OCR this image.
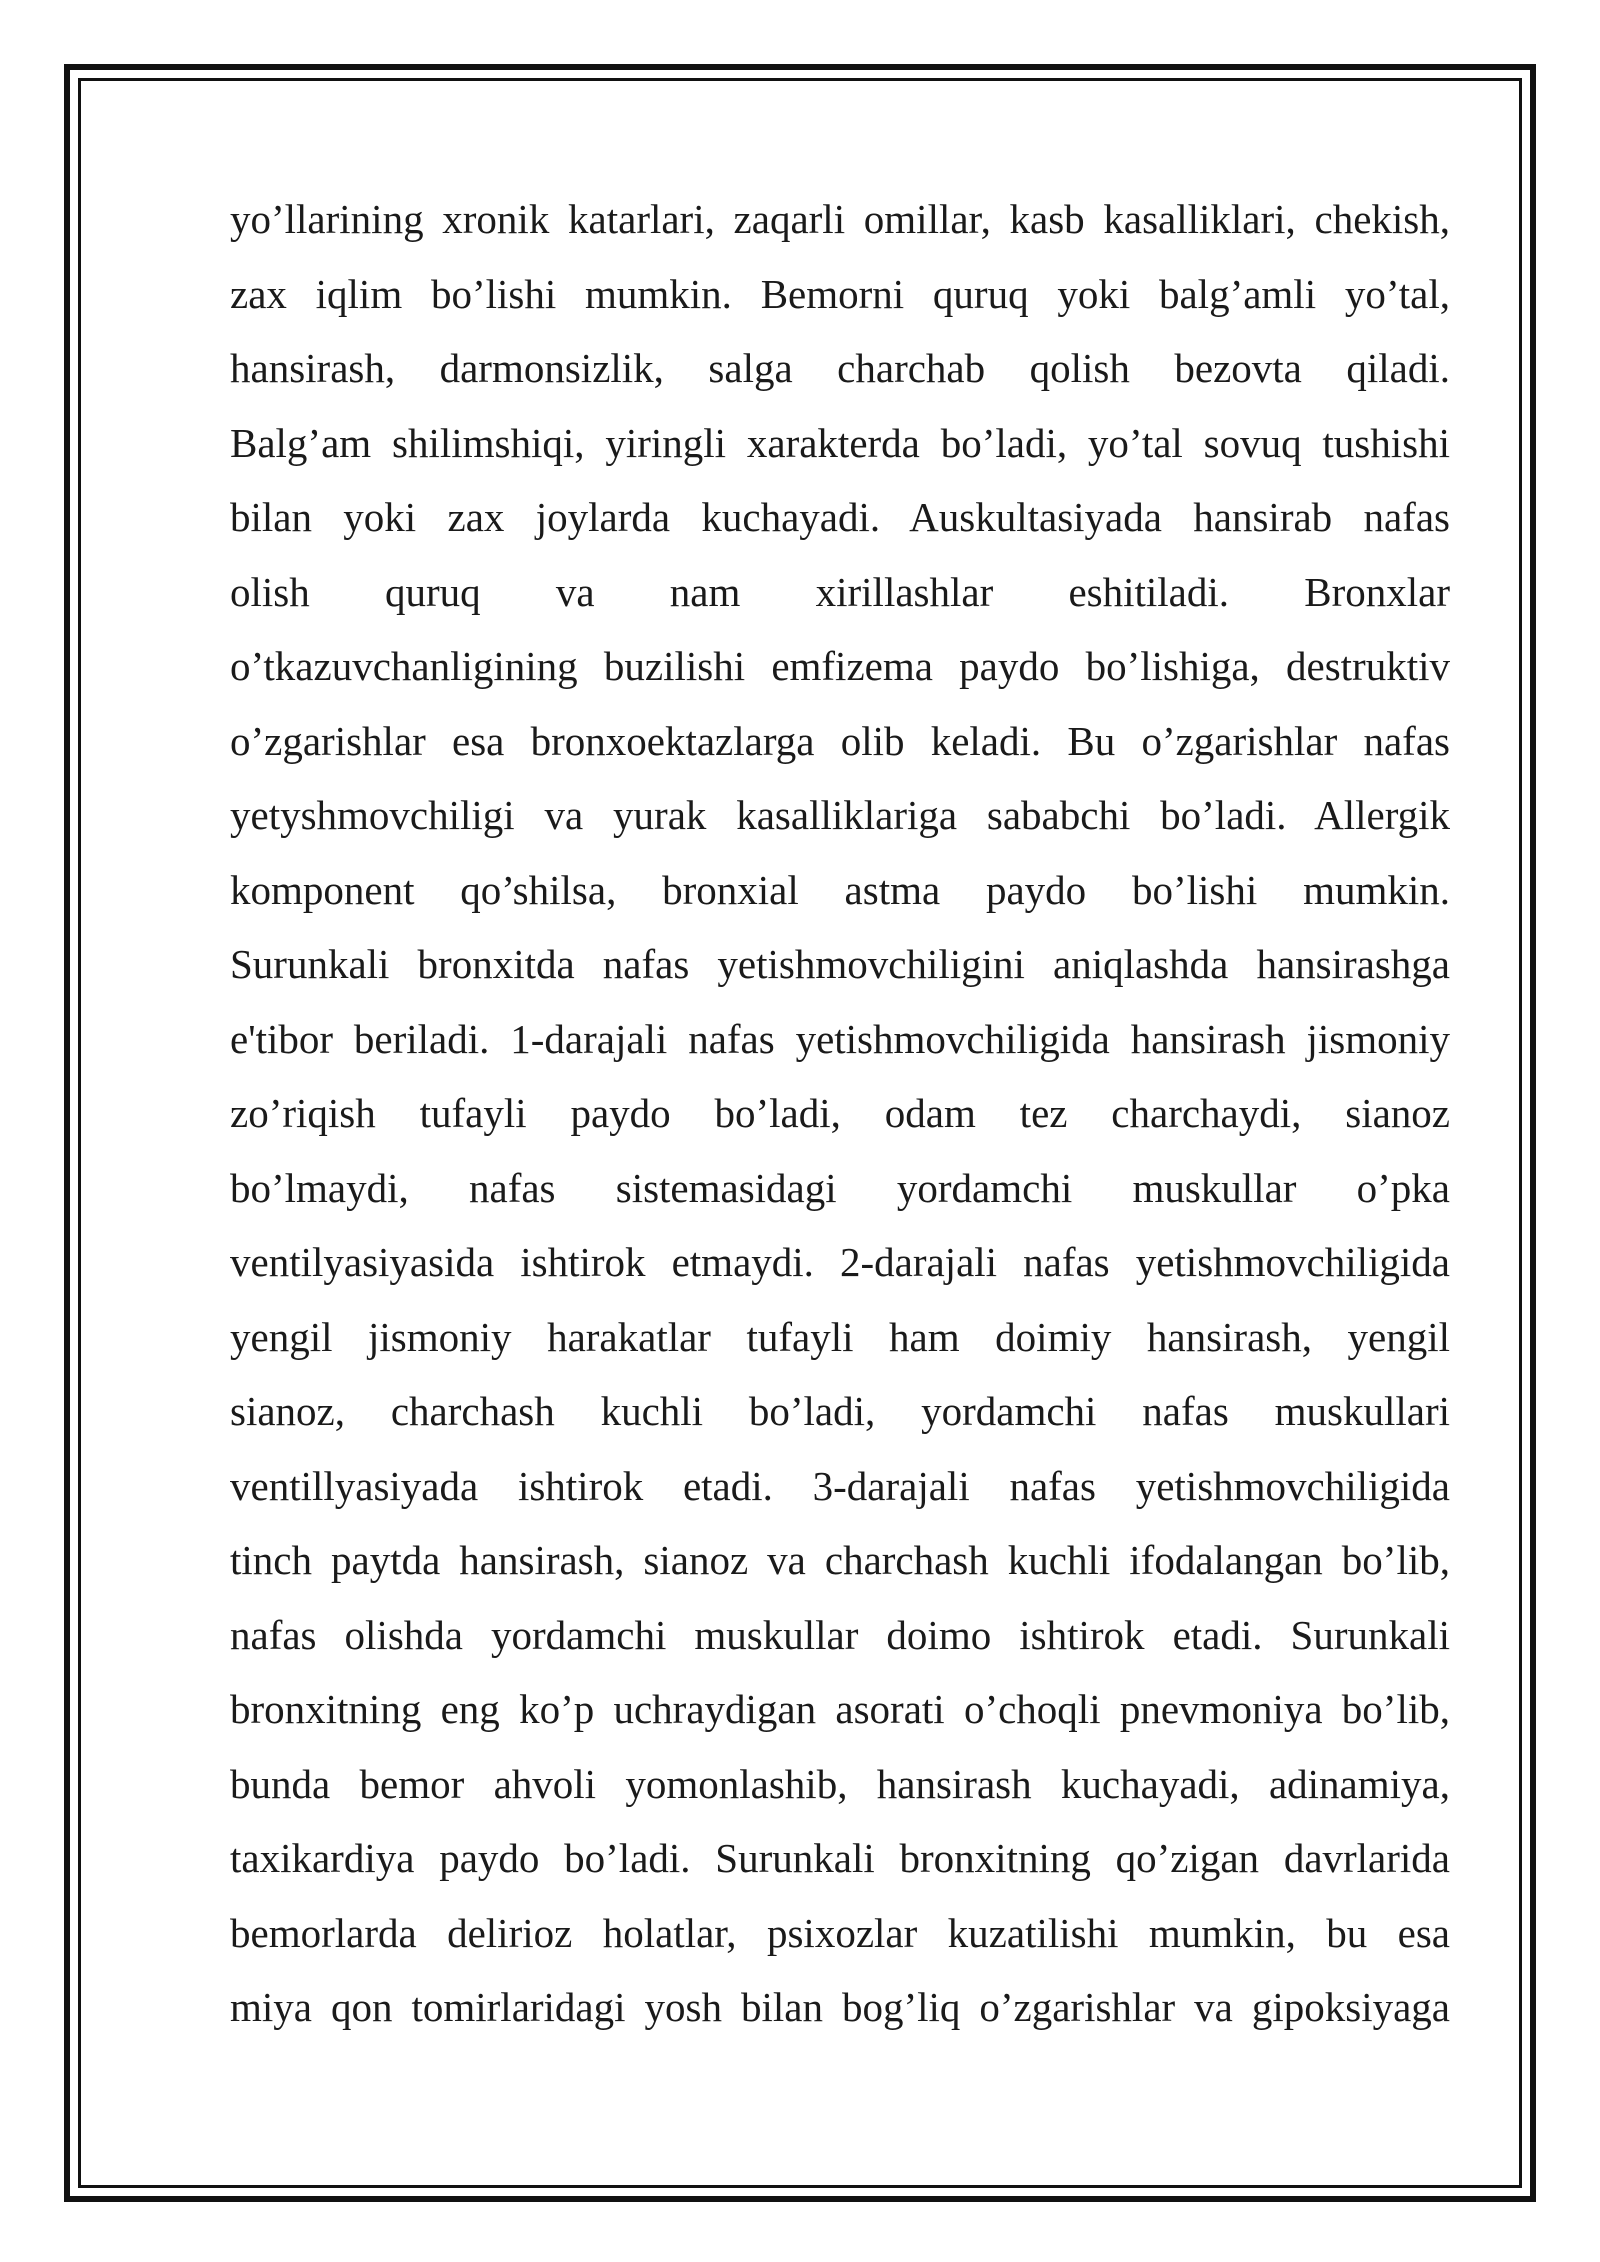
yo’llarining xronik katarlari, zaqarli omillar, kasb kasalliklari, chekish,
zax iqlim bo’lishi mumkin. Bemorni quruq yoki balg’amli yo’tal,
hansirash, darmonsizlik, salga charchab qolish bezovta qiladi.
Balg’am shilimshiqi, yiringli xarakterda bo’ladi, yo’tal sovuq tushishi
bilan yoki zax joylarda kuchayadi. Auskultasiyada hansirab nafas
olish quruq va nam xirillashlar eshitiladi. Bronxlar
o’tkazuvchanligining buzilishi emfizema paydo bo’lishiga, destruktiv
o’zgarishlar esa bronxoektazlarga olib keladi. Bu o’zgarishlar nafas
yetyshmovchiligi va yurak kasalliklariga sababchi bo’ladi. Allergik
komponent qo’shilsa, bronxial astma paydo bo’lishi mumkin.
Surunkali bronxitda nafas yetishmovchiligini aniqlashda hansirashga
e'tibor beriladi. 1-darajali nafas yetishmovchiligida hansirash jismoniy
zo’riqish tufayli paydo bo’ladi, odam tez charchaydi, sianoz
bo’lmaydi, nafas sistemasidagi yordamchi muskullar o’pka
ventilyasiyasida ishtirok etmaydi. 2-darajali nafas yetishmovchiligida
yengil jismoniy harakatlar tufayli ham doimiy hansirash, yengil
sianoz, charchash kuchli bo’ladi, yordamchi nafas muskullari
ventillyasiyada ishtirok etadi. 3-darajali nafas yetishmovchiligida
tinch paytda hansirash, sianoz va charchash kuchli ifodalangan bo’lib,
nafas olishda yordamchi muskullar doimo ishtirok etadi. Surunkali
bronxitning eng ko’p uchraydigan asorati o’choqli pnevmoniya bo’lib,
bunda bemor ahvoli yomonlashib, hansirash kuchayadi, adinamiya,
taxikardiya paydo bo’ladi. Surunkali bronxitning qo’zigan davrlarida
bemorlarda delirioz holatlar, psixozlar kuzatilishi mumkin, bu esa
miya qon tomirlaridagi yosh bilan bog’liq o’zgarishlar va gipoksiyaga
